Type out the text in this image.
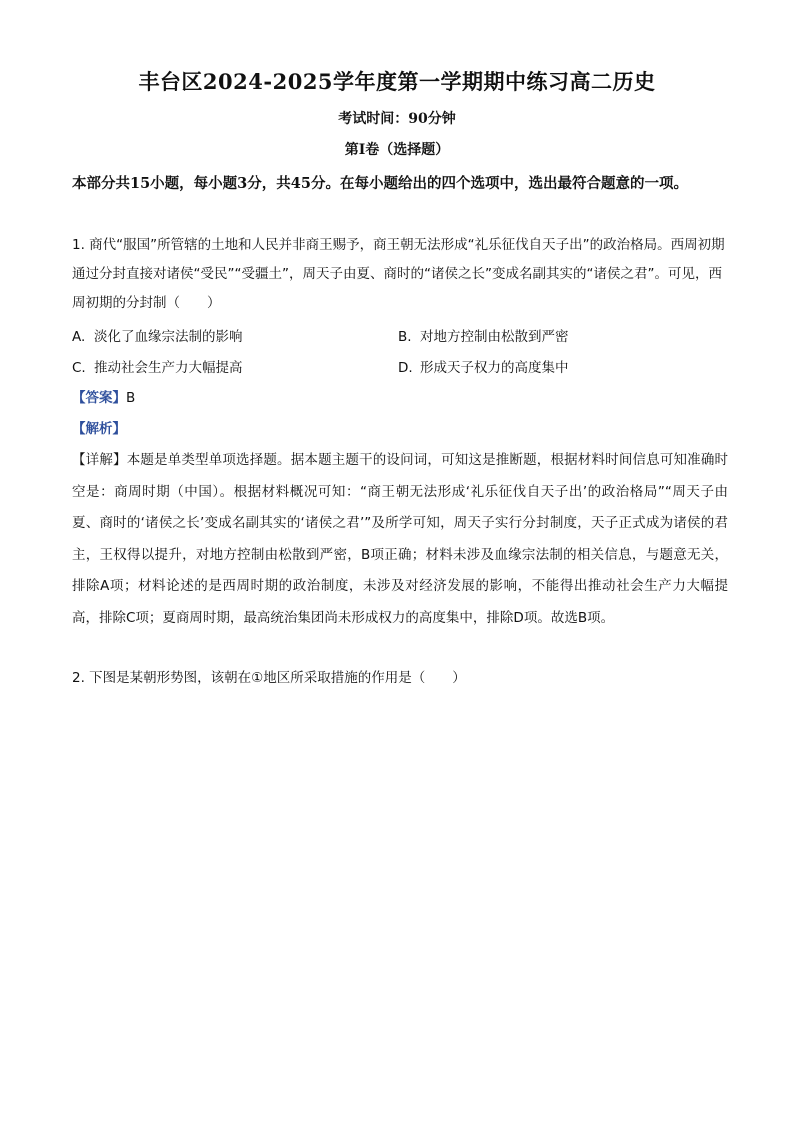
丰台区2024-2025学年度第一学期期中练习高二历史
考试时间：90分钟
第Ⅰ卷（选择题）
本部分共15小题，每小题3分，共45分。在每小题给出的四个选项中，选出最符合题意的一项。
1. 商代“服国”所管辖的土地和人民并非商王赐予，商王朝无法形成“礼乐征伐自天子出”的政治格局。西周初期通过分封直接对诸侯“受民”“受疆土”，周天子由夏、商时的“诸侯之长”变成名副其实的“诸侯之君”。可见，西周初期的分封制（　　）
A. 淡化了血缘宗法制的影响	B. 对地方控制由松散到严密
C. 推动社会生产力大幅提高	D. 形成天子权力的高度集中
【答案】B
【解析】
【详解】本题是单类型单项选择题。据本题主题干的设问词，可知这是推断题，根据材料时间信息可知准确时空是：商周时期（中国）。根据材料概况可知：“商王朝无法形成‘礼乐征伐自天子出’的政治格局”“周天子由夏、商时的‘诸侯之长’变成名副其实的‘诸侯之君’”及所学可知，周天子实行分封制度，天子正式成为诸侯的君主，王权得以提升，对地方控制由松散到严密，B项正确；材料未涉及血缘宗法制的相关信息，与题意无关，排除A项；材料论述的是西周时期的政治制度，未涉及对经济发展的影响，不能得出推动社会生产力大幅提高，排除C项；夏商周时期，最高统治集团尚未形成权力的高度集中，排除D项。故选B项。
2. 下图是某朝形势图，该朝在①地区所采取措施的作用是（　　）
